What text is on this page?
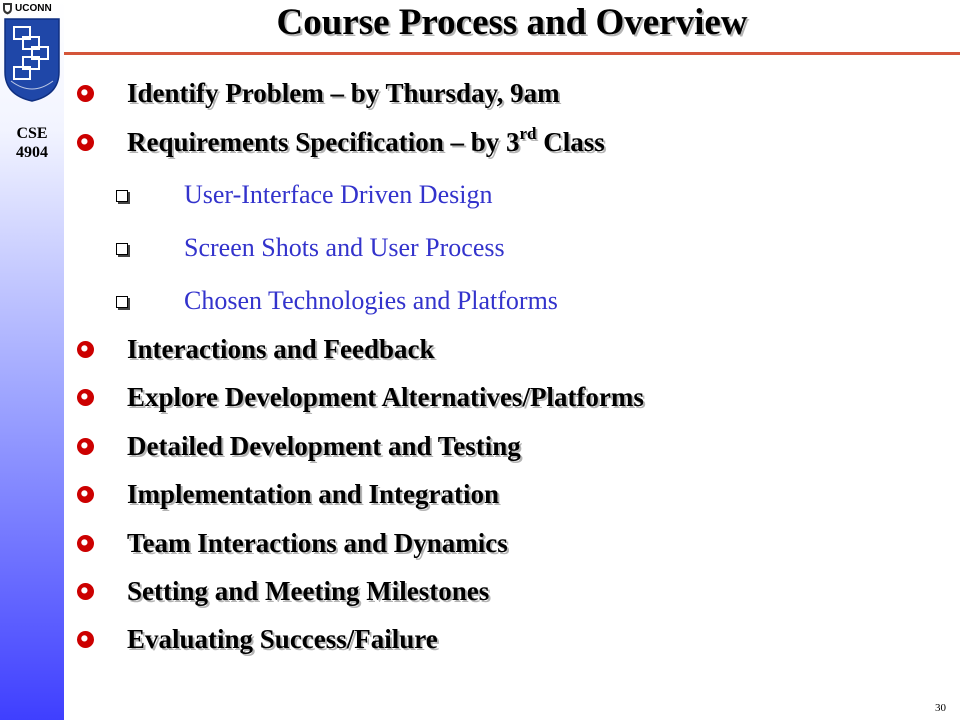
UCONN
CSE
4904
Course Process and Overview
Identify Problem – by Thursday, 9am
Requirements Specification – by 3rd Class
User-Interface Driven Design
Screen Shots and User Process
Chosen Technologies and Platforms
Interactions and Feedback
Explore Development Alternatives/Platforms
Detailed Development and Testing
Implementation and Integration
Team Interactions and Dynamics
Setting and Meeting Milestones
Evaluating Success/Failure
30
